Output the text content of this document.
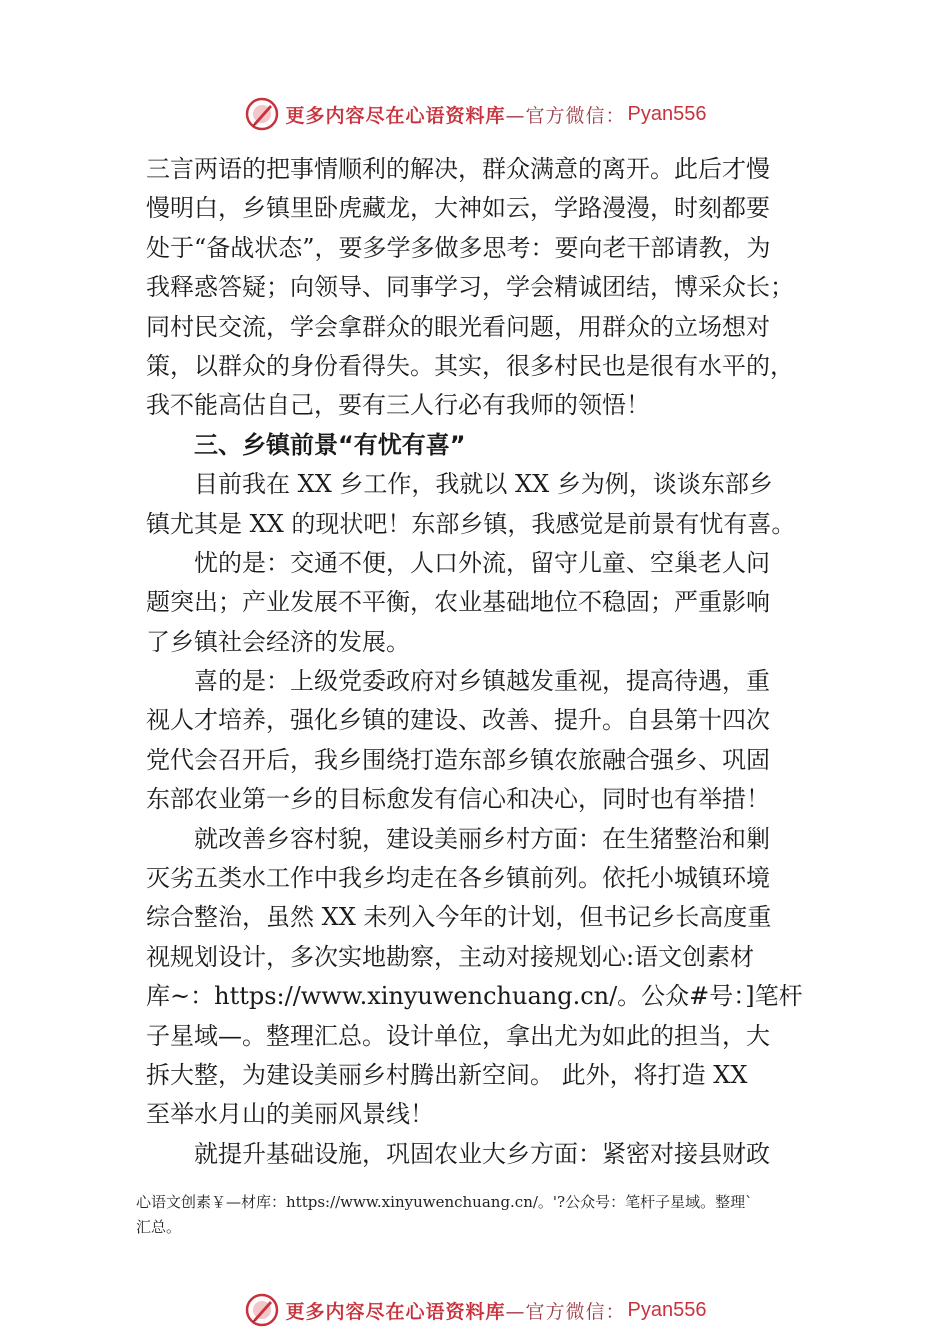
更多内容尽在心语资料库 —官方微信： Pyan556
三言两语的把事情顺利的解决，群众满意的离开。此后才慢
慢明白，乡镇里卧虎藏龙，大神如云，学路漫漫，时刻都要
处于“备战状态”，要多学多做多思考：要向老干部请教，为
我释惑答疑；向领导、同事学习，学会精诚团结，博采众长；
同村民交流，学会拿群众的眼光看问题，用群众的立场想对
策，以群众的身份看得失。其实，很多村民也是很有水平的，
我不能高估自己，要有三人行必有我师的领悟！
三、乡镇前景“有忧有喜”
　　目前我在 XX 乡工作，我就以 XX 乡为例，谈谈东部乡
镇尤其是 XX 的现状吧！东部乡镇，我感觉是前景有忧有喜。
　　忧的是：交通不便，人口外流，留守儿童、空巢老人问
题突出；产业发展不平衡，农业基础地位不稳固；严重影响
了乡镇社会经济的发展。
　　喜的是：上级党委政府对乡镇越发重视，提高待遇，重
视人才培养，强化乡镇的建设、改善、提升。自县第十四次
党代会召开后，我乡围绕打造东部乡镇农旅融合强乡、巩固
东部农业第一乡的目标愈发有信心和决心，同时也有举措！
　　就改善乡容村貌，建设美丽乡村方面：在生猪整治和剿
灭劣五类水工作中我乡均走在各乡镇前列。依托小城镇环境
综合整治，虽然 XX 未列入今年的计划，但书记乡长高度重
视规划设计，多次实地勘察，主动对接规划心:语文创素材
库~：https://www.xinyuwenchuang.cn/。公众#号：]笔杆
子星域—。整理汇总。设计单位，拿出尤为如此的担当，大
拆大整，为建设美丽乡村腾出新空间。 此外，将打造 XX
至举水月山的美丽风景线！
　　就提升基础设施，巩固农业大乡方面：紧密对接县财政
心语文创素￥—材库：https://www.xinyuwenchuang.cn/。'?公众号：笔杆子星域。整理`
汇总。
更多内容尽在心语资料库 —官方微信： Pyan556
